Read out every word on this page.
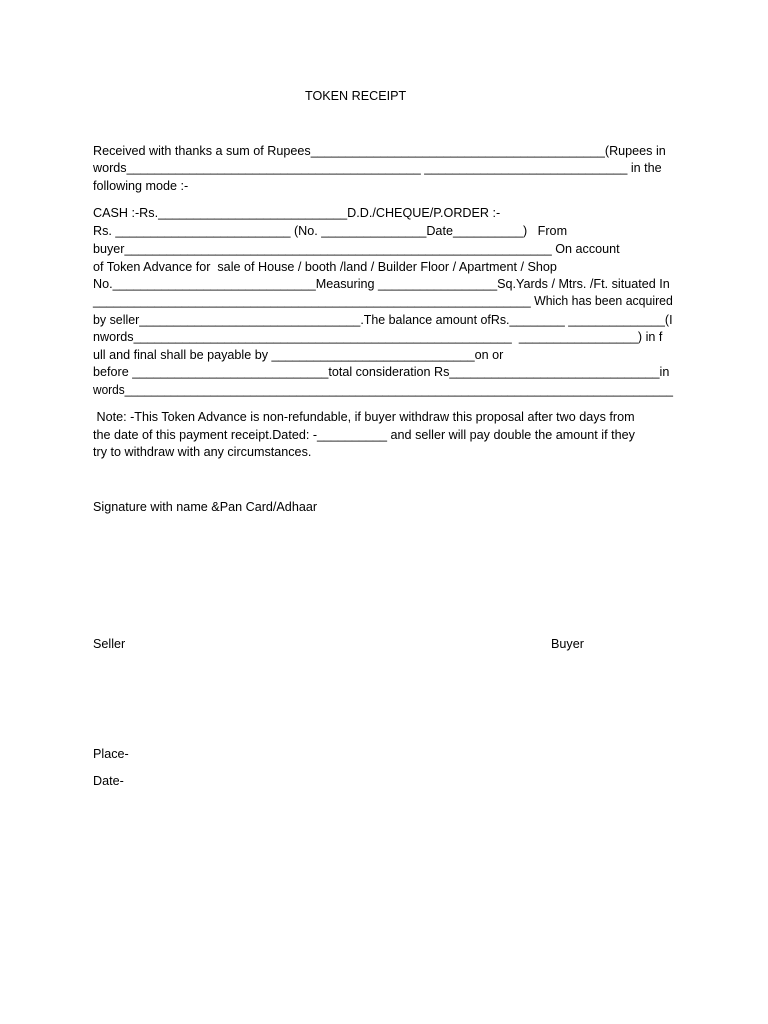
TOKEN RECEIPT
Received with thanks a sum of Rupees__________________________________________(Rupees in
words__________________________________________ _____________________________ in the
following mode :-
CASH :-Rs.___________________________D.D./CHEQUE/P.ORDER :-
Rs. _________________________ (No. _______________Date__________)   From
buyer_____________________________________________________________ On account
of Token Advance for  sale of House / booth /land / Builder Floor / Apartment / Shop
No._____________________________Measuring _________________Sq.Yards / Mtrs. /Ft. situated In
________________________________________________________________ Which has been acquired
by seller________________________________.The balance amount ofRs.________ ______________(I
nwords______________________________________________________  _________________) in f
ull and final shall be payable by _____________________________on or
before ____________________________total consideration Rs______________________________in
words___________________________________________________________________________________
Note: -This Token Advance is non-refundable, if buyer withdraw this proposal after two days from
the date of this payment receipt.Dated: -__________ and seller will pay double the amount if they
try to withdraw with any circumstances.
Signature with name &Pan Card/Adhaar
Seller	Buyer
Place-
Date-
